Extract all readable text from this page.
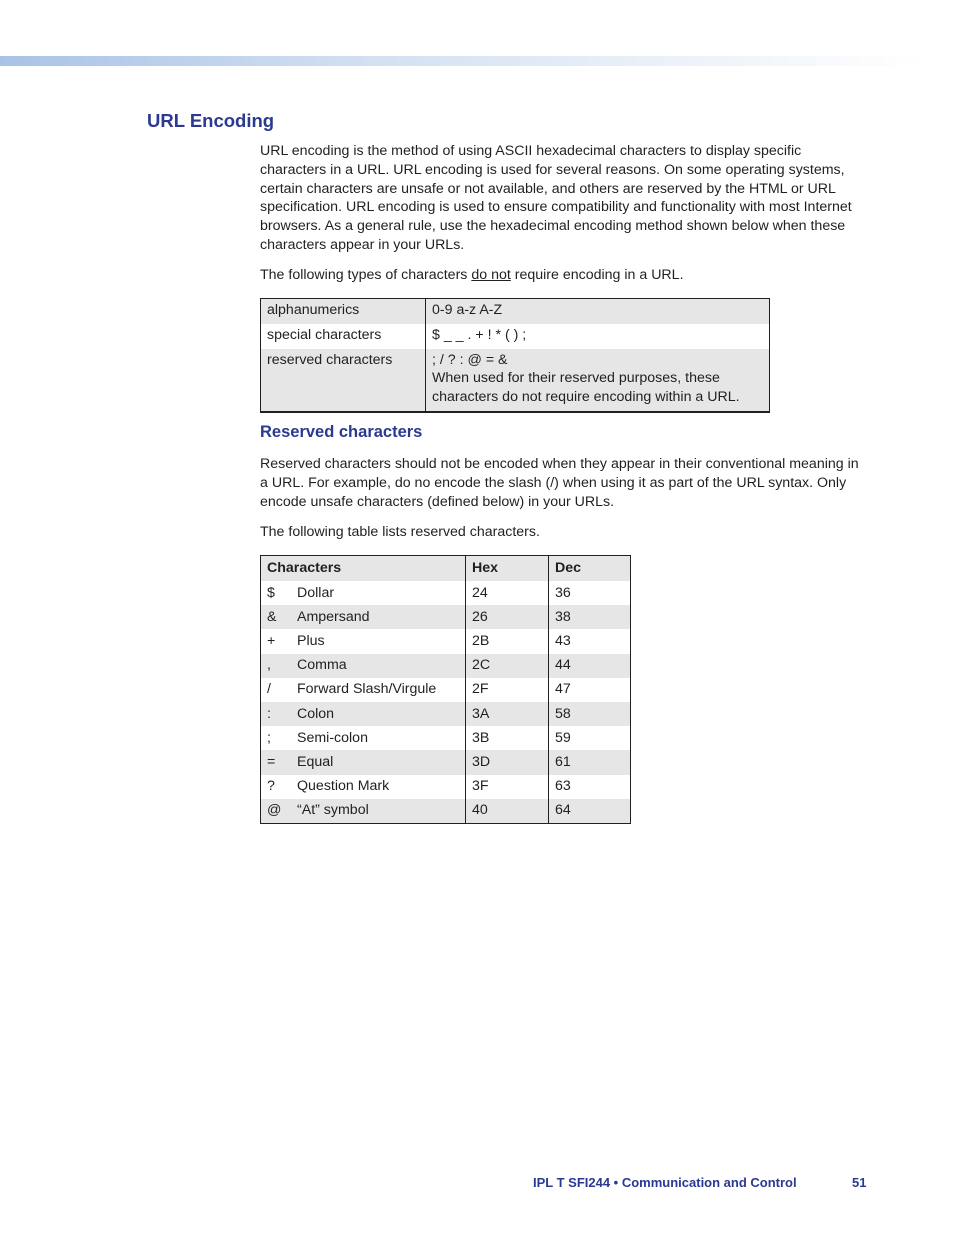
URL Encoding

URL encoding is the method of using ASCII hexadecimal characters to display specific characters in a URL. URL encoding is used for several reasons. On some operating systems, certain characters are unsafe or not available, and others are reserved by the HTML or URL specification. URL encoding is used to ensure compatibility and functionality with most Internet browsers. As a general rule, use the hexadecimal encoding method shown below when these characters appear in your URLs.

The following types of characters do not require encoding in a URL.

alphanumerics	0-9 a-z A-Z
special characters	$ _ _ . + ! * ( ) ;
reserved characters	; / ? : @ = &
When used for their reserved purposes, these characters do not require encoding within a URL.
Reserved characters

Reserved characters should not be encoded when they appear in their conventional meaning in a URL. For example, do no encode the slash (/) when using it as part of the URL syntax. Only encode unsafe characters (defined below) in your URLs.

The following table lists reserved characters.

Characters	Hex	Dec
$ Dollar	24	36
& Ampersand	26	38
+ Plus	2B	43
, Comma	2C	44
/ Forward Slash/Virgule	2F	47
: Colon	3A	58
; Semi-colon	3B	59
= Equal	3D	61
? Question Mark	3F	63
@ “At” symbol	40	64
IPL T SFI244 • Communication and Control	51
